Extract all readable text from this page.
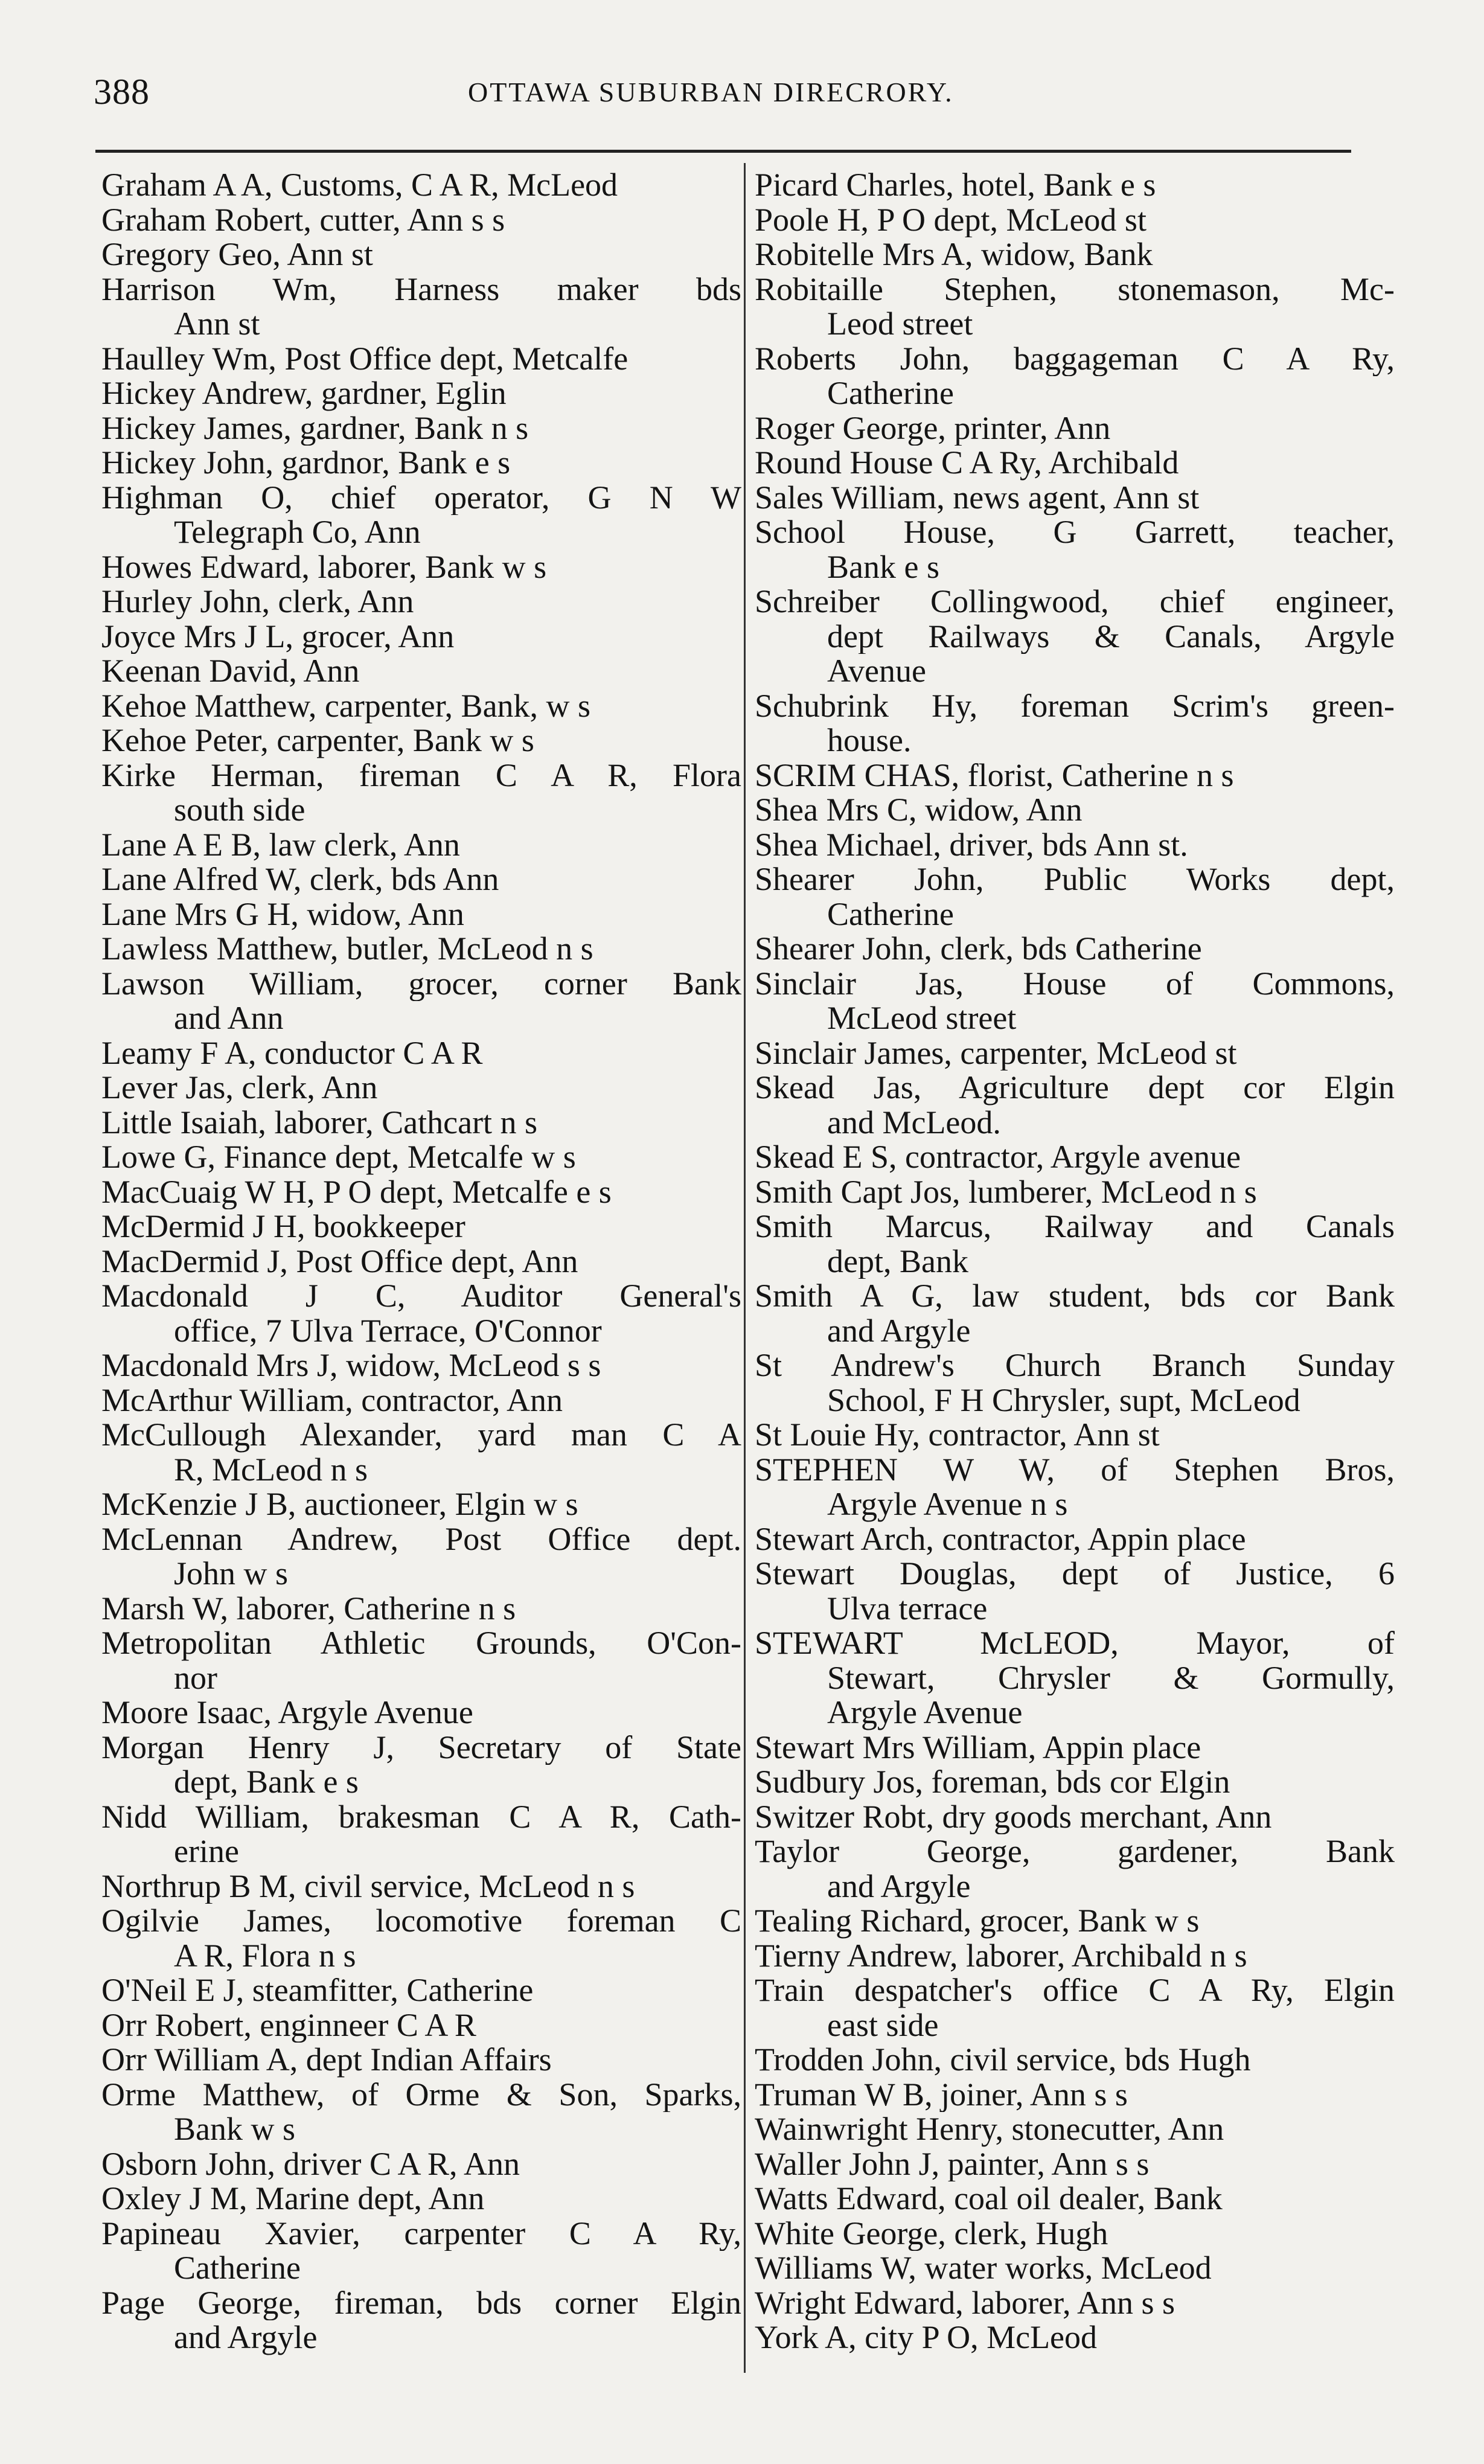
388	OTTAWA SUBURBAN DIRECRORY.
Graham A A, Customs, C A R, McLeod
Graham Robert, cutter, Ann s s
Gregory Geo, Ann st
Harrison Wm, Harness maker bds
Ann st
Haulley Wm, Post Office dept, Metcalfe
Hickey Andrew, gardner, Eglin
Hickey James, gardner, Bank n s
Hickey John, gardnor, Bank e s
Highman O, chief operator, G N W
Telegraph Co, Ann
Howes Edward, laborer, Bank w s
Hurley John, clerk, Ann
Joyce Mrs J L, grocer, Ann
Keenan David, Ann
Kehoe Matthew, carpenter, Bank, w s
Kehoe Peter, carpenter, Bank w s
Kirke Herman, fireman C A R, Flora
south side
Lane A E B, law clerk, Ann
Lane Alfred W, clerk, bds Ann
Lane Mrs G H, widow, Ann
Lawless Matthew, butler, McLeod n s
Lawson William, grocer, corner Bank
and Ann
Leamy F A, conductor C A R
Lever Jas, clerk, Ann
Little Isaiah, laborer, Cathcart n s
Lowe G, Finance dept, Metcalfe w s
MacCuaig W H, P O dept, Metcalfe e s
McDermid J H, bookkeeper
MacDermid J, Post Office dept, Ann
Macdonald J C, Auditor General's
office, 7 Ulva Terrace, O'Connor
Macdonald Mrs J, widow, McLeod s s
McArthur William, contractor, Ann
McCullough Alexander, yard man C A
R, McLeod n s
McKenzie J B, auctioneer, Elgin w s
McLennan Andrew, Post Office dept.
John w s
Marsh W, laborer, Catherine n s
Metropolitan Athletic Grounds, O'Con-
nor
Moore Isaac, Argyle Avenue
Morgan Henry J, Secretary of State
dept, Bank e s
Nidd William, brakesman C A R, Cath-
erine
Northrup B M, civil service, McLeod n s
Ogilvie James, locomotive foreman C
A R, Flora n s
O'Neil E J, steamfitter, Catherine
Orr Robert, enginneer C A R
Orr William A, dept Indian Affairs
Orme Matthew, of Orme & Son, Sparks,
Bank w s
Osborn John, driver C A R, Ann
Oxley J M, Marine dept, Ann
Papineau Xavier, carpenter C A Ry,
Catherine
Page George, fireman, bds corner Elgin
and Argyle
Picard Charles, hotel, Bank e s
Poole H, P O dept, McLeod st
Robitelle Mrs A, widow, Bank
Robitaille Stephen, stonemason, Mc-
Leod street
Roberts John, baggageman C A Ry,
Catherine
Roger George, printer, Ann
Round House C A Ry, Archibald
Sales William, news agent, Ann st
School House, G Garrett, teacher,
Bank e s
Schreiber Collingwood, chief engineer,
dept Railways & Canals, Argyle
Avenue
Schubrink Hy, foreman Scrim's green-
house.
SCRIM CHAS, florist, Catherine n s
Shea Mrs C, widow, Ann
Shea Michael, driver, bds Ann st.
Shearer John, Public Works dept,
Catherine
Shearer John, clerk, bds Catherine
Sinclair Jas, House of Commons,
McLeod street
Sinclair James, carpenter, McLeod st
Skead Jas, Agriculture dept cor Elgin
and McLeod.
Skead E S, contractor, Argyle avenue
Smith Capt Jos, lumberer, McLeod n s
Smith Marcus, Railway and Canals
dept, Bank
Smith A G, law student, bds cor Bank
and Argyle
St Andrew's Church Branch Sunday
School, F H Chrysler, supt, McLeod
St Louie Hy, contractor, Ann st
STEPHEN W W, of Stephen Bros,
Argyle Avenue n s
Stewart Arch, contractor, Appin place
Stewart Douglas, dept of Justice, 6
Ulva terrace
STEWART McLEOD, Mayor, of
Stewart, Chrysler & Gormully,
Argyle Avenue
Stewart Mrs William, Appin place
Sudbury Jos, foreman, bds cor Elgin
Switzer Robt, dry goods merchant, Ann
Taylor George, gardener, Bank
and Argyle
Tealing Richard, grocer, Bank w s
Tierny Andrew, laborer, Archibald n s
Train despatcher's office C A Ry, Elgin
east side
Trodden John, civil service, bds Hugh
Truman W B, joiner, Ann s s
Wainwright Henry, stonecutter, Ann
Waller John J, painter, Ann s s
Watts Edward, coal oil dealer, Bank
White George, clerk, Hugh
Williams W, water works, McLeod
Wright Edward, laborer, Ann s s
York A, city P O, McLeod
